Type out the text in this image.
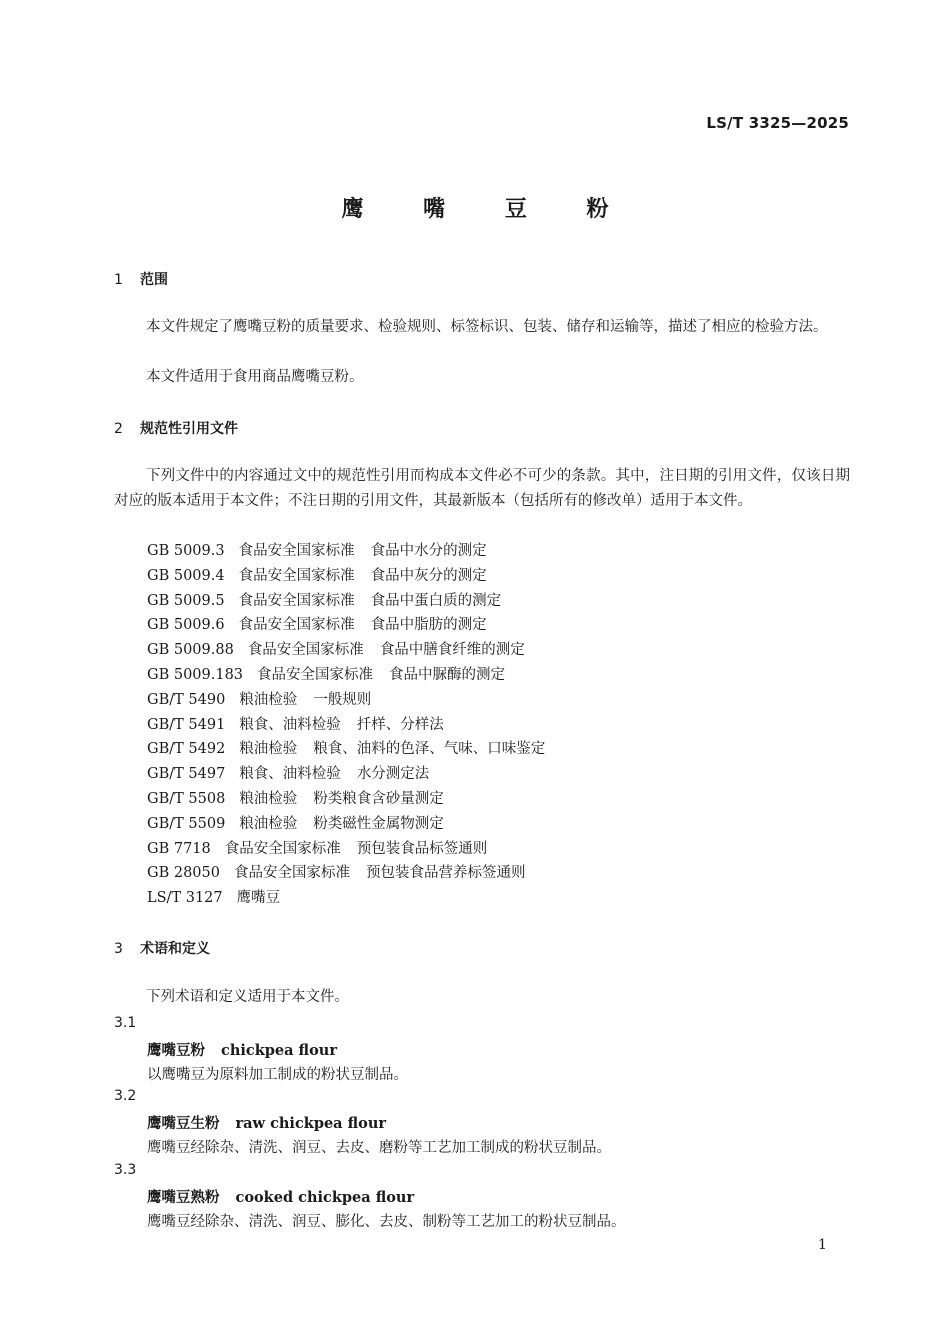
LS/T 3325—2025
鹰 嘴 豆 粉
1 范围
本文件规定了鹰嘴豆粉的质量要求、检验规则、标签标识、包装、储存和运输等，描述了相应的检验方法。
本文件适用于食用商品鹰嘴豆粉。
2 规范性引用文件
下列文件中的内容通过文中的规范性引用而构成本文件必不可少的条款。其中，注日期的引用文件，仅该日期对应的版本适用于本文件；不注日期的引用文件，其最新版本（包括所有的修改单）适用于本文件。
GB 5009.3 食品安全国家标准 食品中水分的测定
GB 5009.4 食品安全国家标准 食品中灰分的测定
GB 5009.5 食品安全国家标准 食品中蛋白质的测定
GB 5009.6 食品安全国家标准 食品中脂肪的测定
GB 5009.88 食品安全国家标准 食品中膳食纤维的测定
GB 5009.183 食品安全国家标准 食品中脲酶的测定
GB/T 5490 粮油检验 一般规则
GB/T 5491 粮食、油料检验 扦样、分样法
GB/T 5492 粮油检验 粮食、油料的色泽、气味、口味鉴定
GB/T 5497 粮食、油料检验 水分测定法
GB/T 5508 粮油检验 粉类粮食含砂量测定
GB/T 5509 粮油检验 粉类磁性金属物测定
GB 7718 食品安全国家标准 预包装食品标签通则
GB 28050 食品安全国家标准 预包装食品营养标签通则
LS/T 3127 鹰嘴豆
3 术语和定义
下列术语和定义适用于本文件。
3.1
鹰嘴豆粉 chickpea flour
以鹰嘴豆为原料加工制成的粉状豆制品。
3.2
鹰嘴豆生粉 raw chickpea flour
鹰嘴豆经除杂、清洗、润豆、去皮、磨粉等工艺加工制成的粉状豆制品。
3.3
鹰嘴豆熟粉 cooked chickpea flour
鹰嘴豆经除杂、清洗、润豆、膨化、去皮、制粉等工艺加工的粉状豆制品。
1
